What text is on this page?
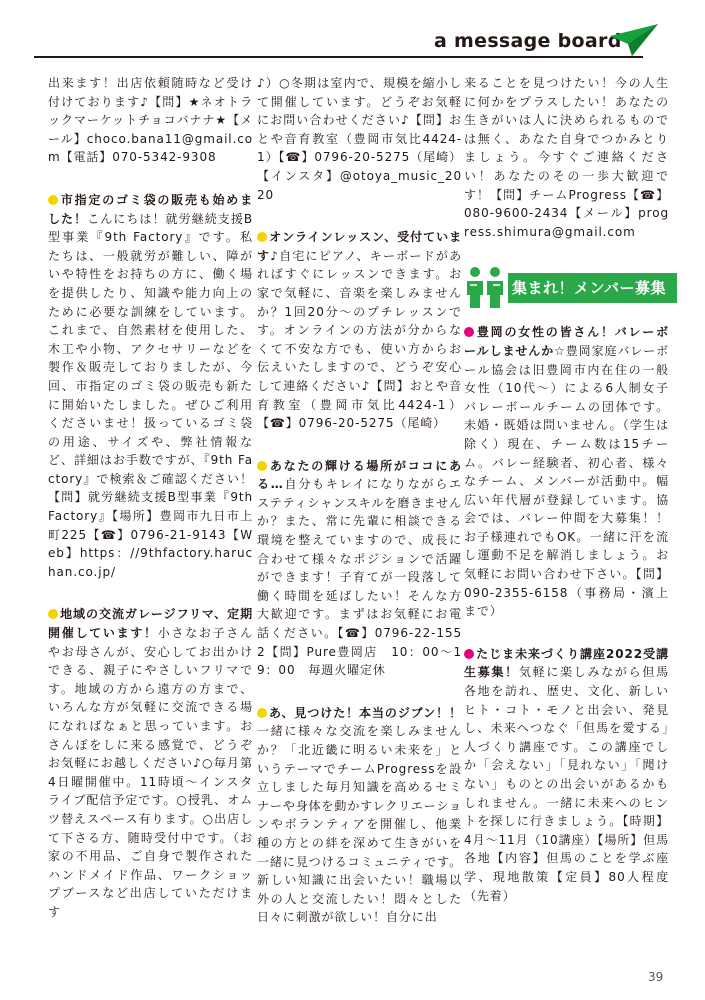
a message board

出来ます！出店依頼随時など受け付けております♪【問】★ネオトラックマーケットチョコバナナ★【メール】choco.bana11@gmail.com【電話】070-5342-9308

市指定のゴミ袋の販売も始めました！こんにちは！就労継続支援B型事業『9th Factory』です。私たちは、一般就労が難しい、障がいや特性をお持ちの方に、働く場を提供したり、知識や能力向上のために必要な訓練をしています。これまで、自然素材を使用した、木工や小物、アクセサリーなどを製作＆販売しておりましたが、今回、市指定のゴミ袋の販売も新たに開始いたしました。ぜひご利用くださいませ！扱っているゴミ袋の用途、サイズや、弊社情報など、詳細はお手数ですが、『9th Factory』で検索＆ご確認ください！【問】就労継続支援B型事業『9th Factory』【場所】豊岡市九日市上町225【☎】0796-21-9143【Web】https：//9thfactory.haruchan.co.jp/

地域の交流ガレージフリマ、定期開催しています！小さなお子さんやお母さんが、安心してお出かけできる、親子にやさしいフリマです。地域の方から遠方の方まで、いろんな方が気軽に交流できる場になればなぁと思っています。おさんぽをしに来る感覚で、どうぞお気軽にお越しください♪○毎月第4日曜開催中。11時頃〜インスタライブ配信予定です。○授乳、オムツ替えスペース有ります。○出店して下さる方、随時受付中です。（お家の不用品、ご自身で製作されたハンドメイド作品、ワークショップブースなど出店していただけます

♪）○冬期は室内で、規模を縮小して開催しています。どうぞお気軽にお問い合わせください♪【問】おとや音育教室（豊岡市気比4424-1）【☎】0796-20-5275（尾崎）【インスタ】@otoya_music_2020

オンラインレッスン、受付ています♪自宅にピアノ、キーボードがあればすぐにレッスンできます。お家で気軽に、音楽を楽しみませんか？1回20分〜のプチレッスンです。オンラインの方法が分からなくて不安な方でも、使い方からお伝えいたしますので、どうぞ安心して連絡ください♪【問】おとや音育教室（豊岡市気比4424-1）【☎】0796-20-5275（尾崎）

あなたの輝ける場所がココにある…自分もキレイになりながらエステティシャンスキルを磨きませんか？また、常に先輩に相談できる環境を整えていますので、成長に合わせて様々なポジションで活躍ができます！子育てが一段落して働く時間を延ばしたい！そんな方大歓迎です。まずはお気軽にお電話ください。【☎】0796-22-1552【問】Pure豊岡店　10：00〜19：00　毎週火曜定休

あ、見つけた！本当のジブン！！一緒に様々な交流を楽しみませんか？「北近畿に明るい未来を」というテーマでチームProgressを設立しました毎月知識を高めるセミナーや身体を動かすレクリエーションやボランティアを開催し、他業種の方との絆を深めて生きがいを一緒に見つけるコミュニティです。新しい知識に出会いたい！職場以外の人と交流したい！悶々とした日々に刺激が欲しい！自分に出

来ることを見つけたい！今の人生に何かをプラスしたい！あなたの生きがいは人に決められるものでは無く、あなた自身でつかみとりましょう。今すぐご連絡ください！あなたのその一歩大歓迎です！【問】チームProgress【☎】080-9600-2434【メール】progress.shimura@gmail.com

集まれ！メンバー募集

豊岡の女性の皆さん！バレーボールしませんか☆豊岡家庭バレーボール協会は旧豊岡市内在住の一般女性（10代〜）による6人制女子バレーボールチームの団体です。未婚・既婚は問いません。（学生は除く）現在、チーム数は15チーム。バレー経験者、初心者、様々なチーム、メンバーが活動中。幅広い年代層が登録しています。協会では、バレー仲間を大募集！！お子様連れでもOK。一緒に汗を流し運動不足を解消しましょう。お気軽にお問い合わせ下さい。【問】090-2355-6158（事務局・濱上まで）

たじま未来づくり講座2022受講生募集！気軽に楽しみながら但馬各地を訪れ、歴史、文化、新しいヒト・コト・モノと出会い、発見し、未来へつなぐ「但馬を愛する」人づくり講座です。この講座でしか「会えない」「見れない」「聞けない」ものとの出会いがあるかもしれません。一緒に未来へのヒントを探しに行きましょう。【時期】4月〜11月（10講座）【場所】但馬各地【内容】但馬のことを学ぶ座学、現地散策【定員】80人程度（先着）

39
